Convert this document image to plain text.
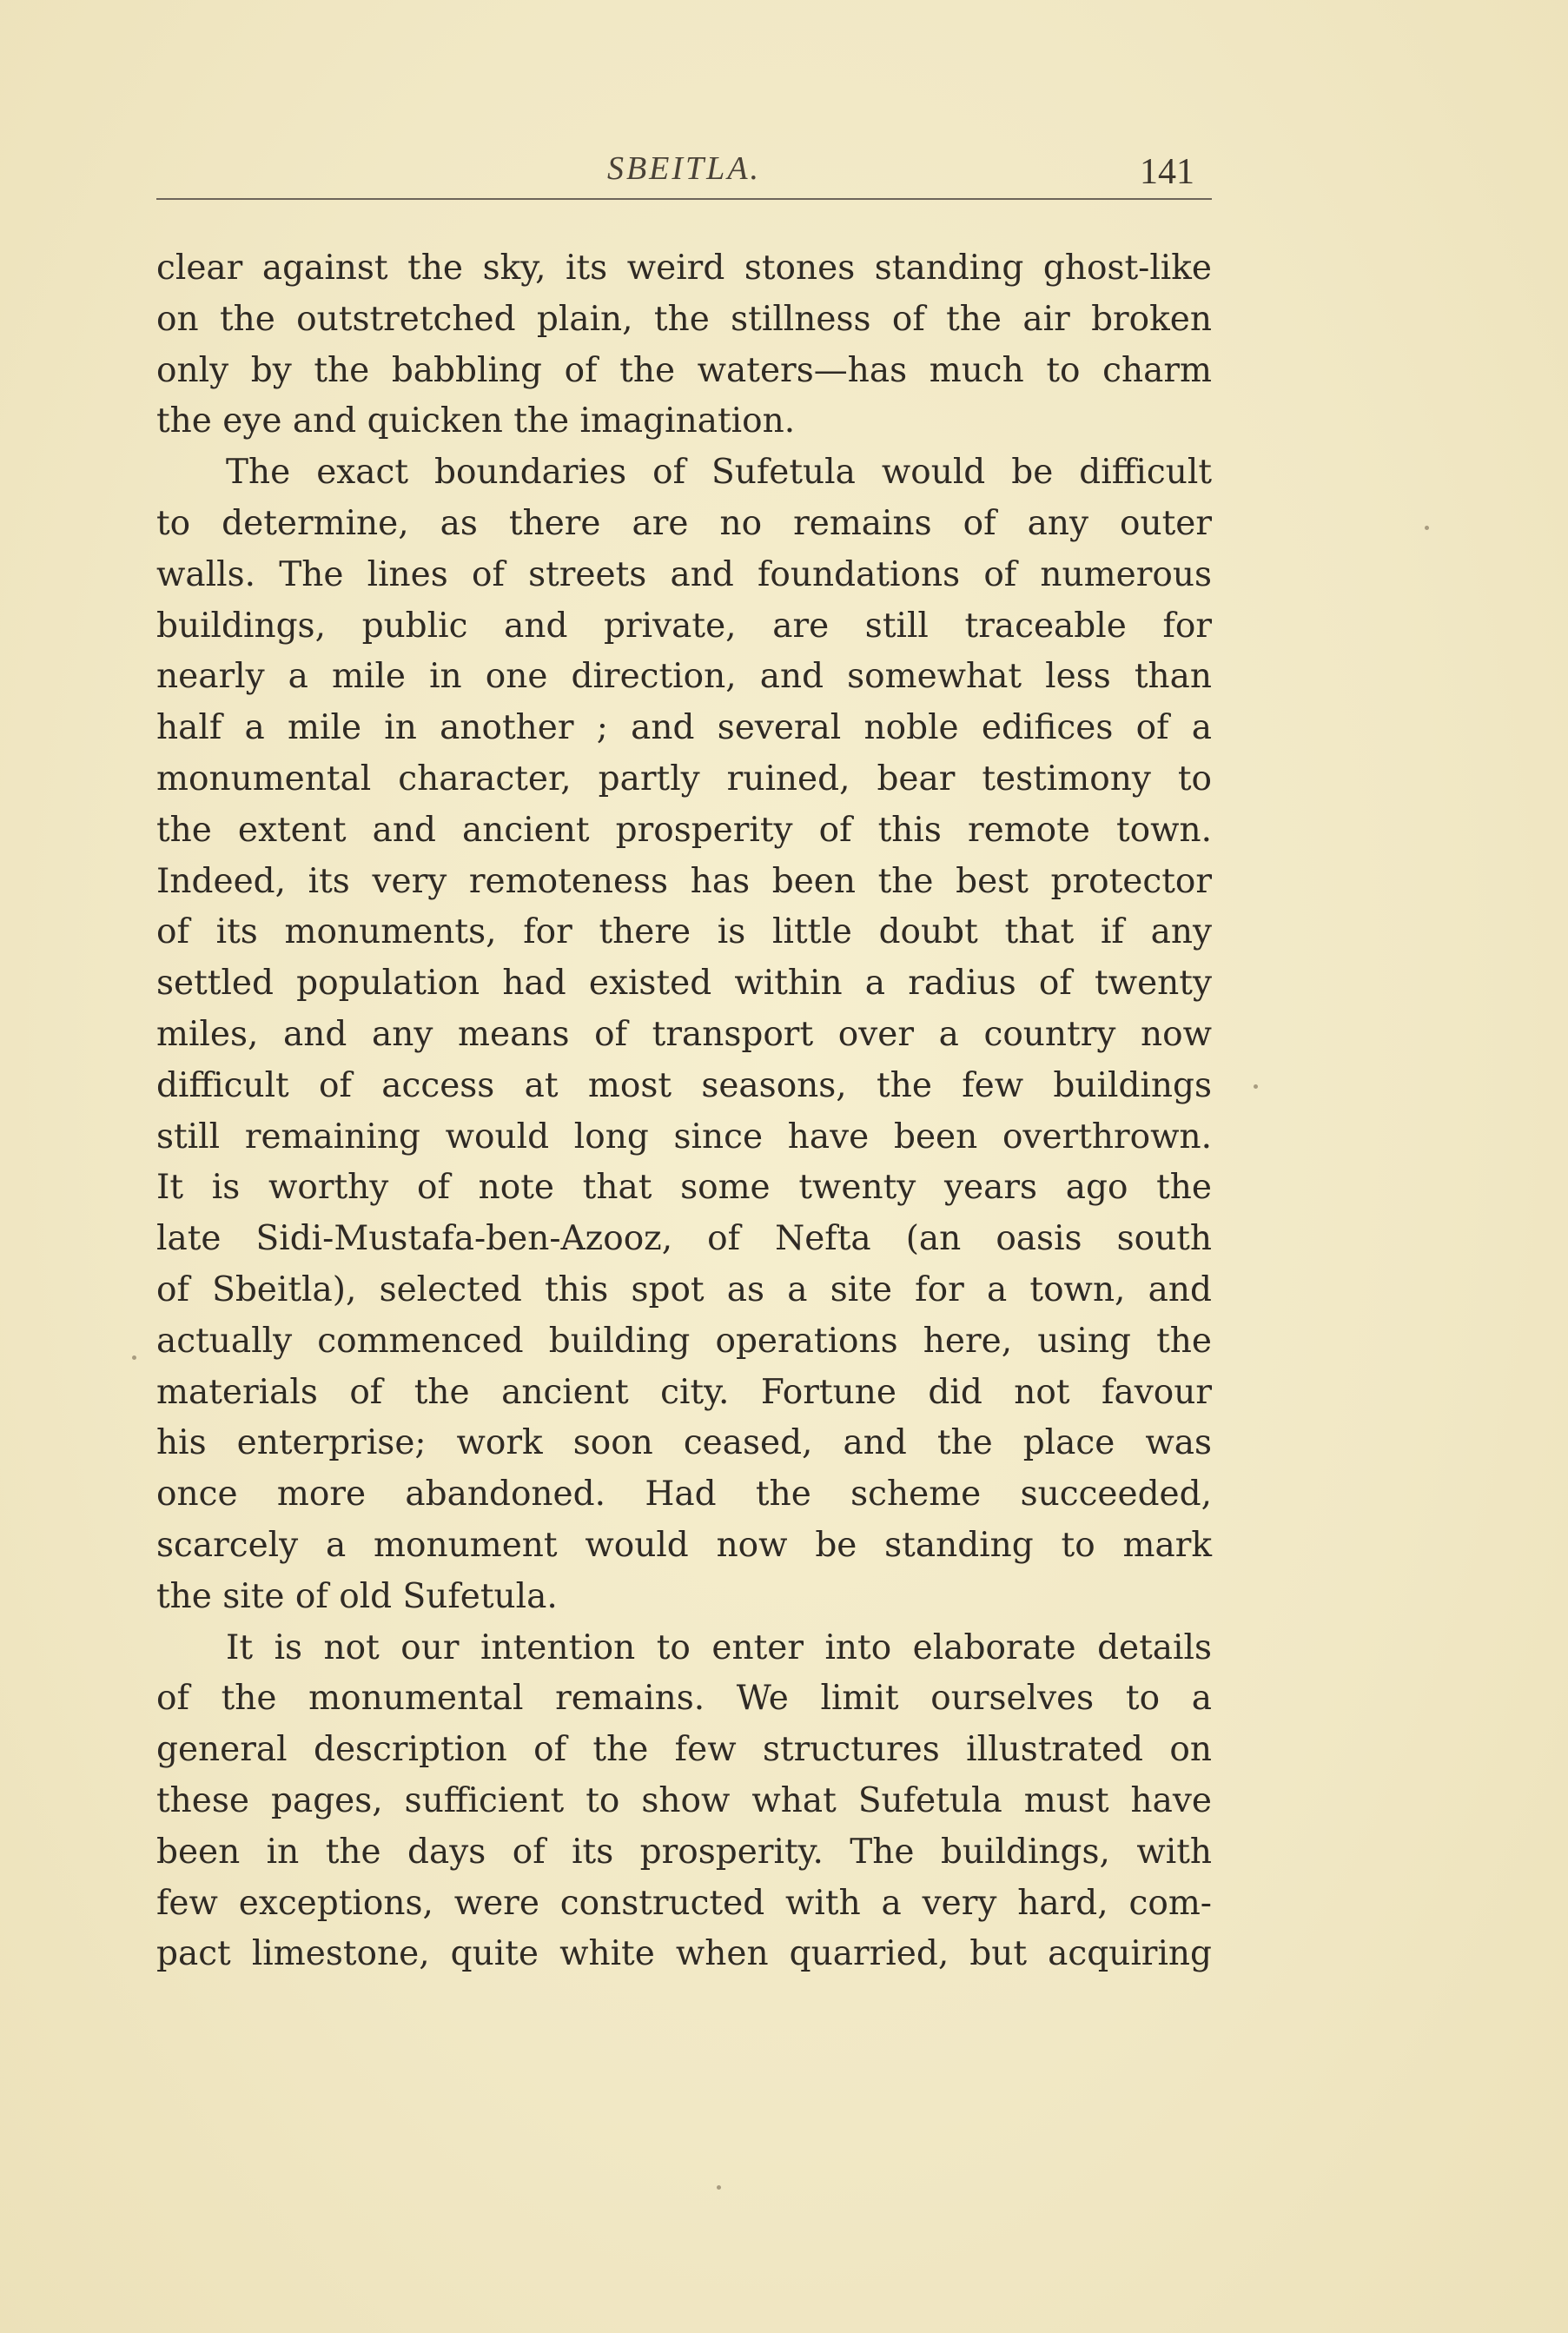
SBEITLA.	141
clear against the sky, its weird stones standing ghost-like
on the outstretched plain, the stillness of the air broken
only by the babbling of the waters—has much to charm
the eye and quicken the imagination.
The exact boundaries of Sufetula would be difficult
to determine, as there are no remains of any outer
walls. The lines of streets and foundations of numerous
buildings, public and private, are still traceable for
nearly a mile in one direction, and somewhat less than
half a mile in another ; and several noble edifices of a
monumental character, partly ruined, bear testimony to
the extent and ancient prosperity of this remote town.
Indeed, its very remoteness has been the best protector
of its monuments, for there is little doubt that if any
settled population had existed within a radius of twenty
miles, and any means of transport over a country now
difficult of access at most seasons, the few buildings
still remaining would long since have been overthrown.
It is worthy of note that some twenty years ago the
late Sidi-Mustafa-ben-Azooz, of Nefta (an oasis south
of Sbeitla), selected this spot as a site for a town, and
actually commenced building operations here, using the
materials of the ancient city. Fortune did not favour
his enterprise; work soon ceased, and the place was
once more abandoned. Had the scheme succeeded,
scarcely a monument would now be standing to mark
the site of old Sufetula.
It is not our intention to enter into elaborate details
of the monumental remains. We limit ourselves to a
general description of the few structures illustrated on
these pages, sufficient to show what Sufetula must have
been in the days of its prosperity. The buildings, with
few exceptions, were constructed with a very hard, com-
pact limestone, quite white when quarried, but acquiring
